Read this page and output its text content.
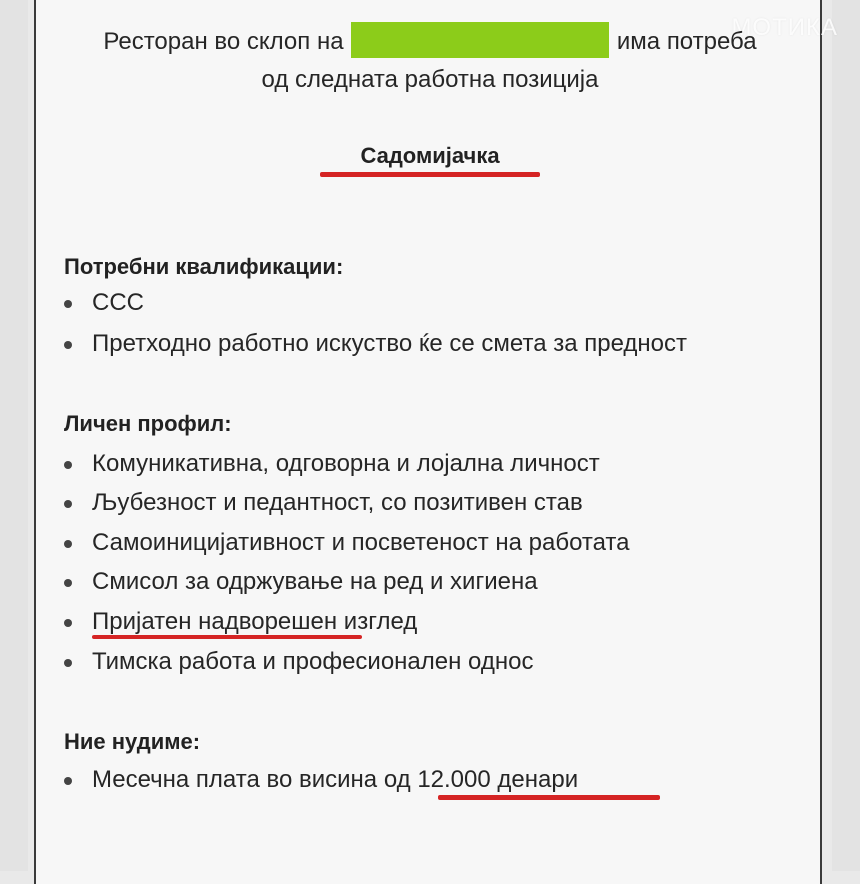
МОТИКА
Ресторан во склоп на	има потреба
од следната работна позиција
Садомијачка
Потребни квалификации:
ССС
Претходно работно искуство ќе се смета за предност
Личен профил:
Комуникативна, одговорна и лојална личност
Љубезност и педантност, со позитивен став
Самоиницијативност и посветеност на работата
Смисол за одржување на ред и хигиена
Пријатен надворешен изглед
Тимска работа и професионален однос
Ние нудиме:
Месечна плата во висина од 12.000 денари
